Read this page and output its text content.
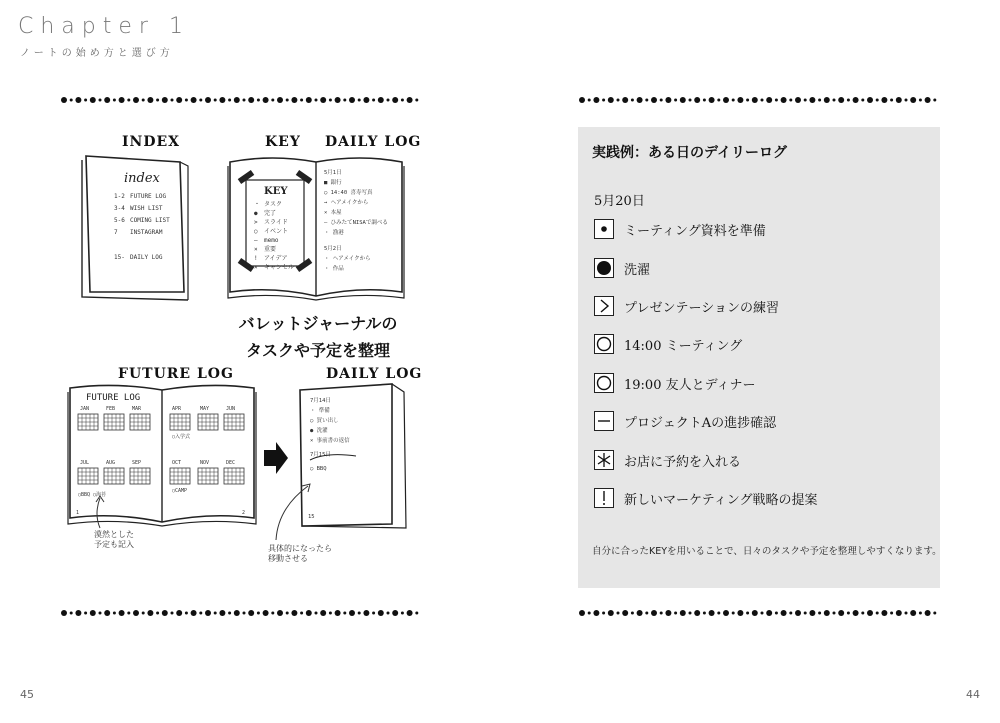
Chapter 1
ノートの始め方と選び方
INDEX
index
1-2 FUTURE LOG
3-4 WISH LIST
5-6 COMING LIST
7 INSTAGRAM
15- DAILY LOG
KEY DAILY LOG
KEY
・ タスク
● 完了
> スライド
○ イベント
— memo
× 重要
! アイデア
× キャンセル
5月1日
■ 銀行
○ 14:40 喜寿写真
→ ヘアメイクから
× 本屋
— ひみたてNISAで調べる
・ 漁港
5月2日
・ ヘアメイクから
・ 作品
バレットジャーナルの
タスクや予定を整理
FUTURE LOG
FUTURE LOG
JAN	FEB	MAR	APR	MAY	JUN
JUL	AUG	SEP	OCT	NOV	DEC
○入学式
○BBQ ○海苔
○CAMP
1	2
DAILY LOG
7月14日
・ 準備
○ 買い出し
● 洗濯
× 事前書の返信
7月15日
○ BBQ
15
漠然とした
予定も記入	具体的になったら
移動させる
45
実践例：ある日のデイリーログ
5月20日
ミーティング資料を準備
洗濯
プレゼンテーションの練習
14:00 ミーティング
19:00 友人とディナー
プロジェクトAの進捗確認
お店に予約を入れる
新しいマーケティング戦略の提案
自分に合ったKEYを用いることで、日々のタスクや予定を整理しやすくなります。
44
